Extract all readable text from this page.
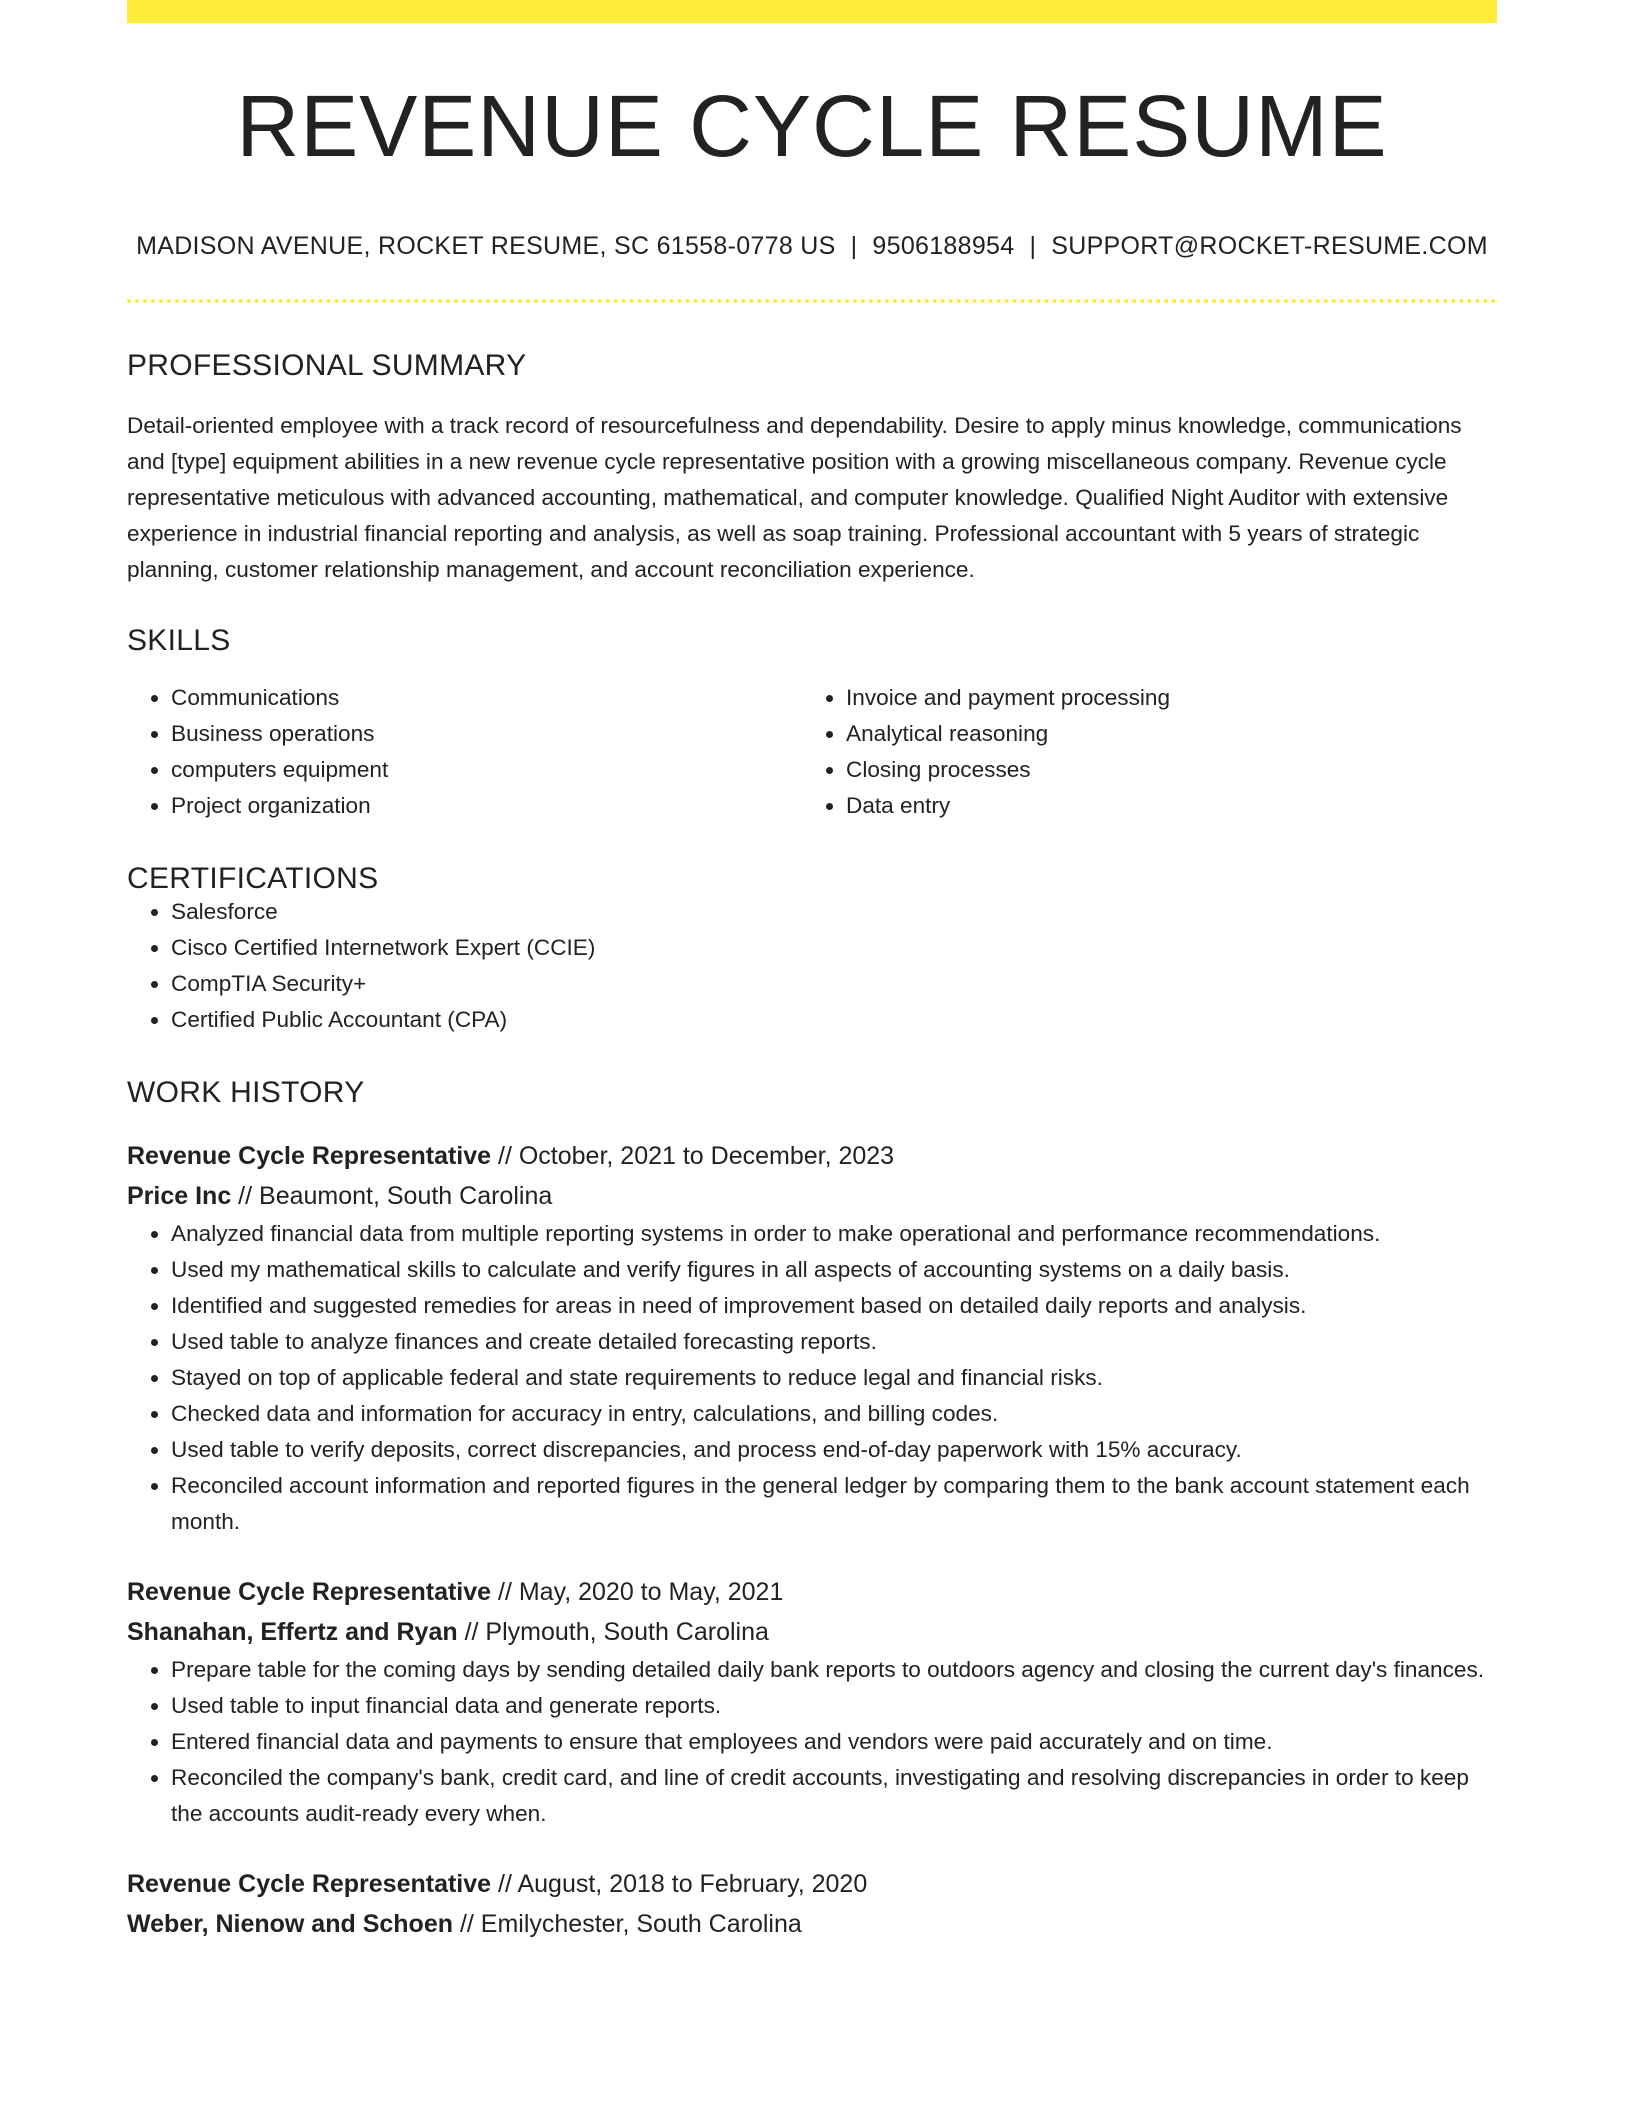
REVENUE CYCLE RESUME
MADISON AVENUE, ROCKET RESUME, SC 61558-0778 US | 9506188954 | SUPPORT@ROCKET-RESUME.COM
PROFESSIONAL SUMMARY

Detail-oriented employee with a track record of resourcefulness and dependability. Desire to apply minus knowledge, communications and [type] equipment abilities in a new revenue cycle representative position with a growing miscellaneous company. Revenue cycle representative meticulous with advanced accounting, mathematical, and computer knowledge. Qualified Night Auditor with extensive experience in industrial financial reporting and analysis, as well as soap training. Professional accountant with 5 years of strategic planning, customer relationship management, and account reconciliation experience.

SKILLS
• Communications
• Business operations
• computers equipment
• Project organization
• Invoice and payment processing
• Analytical reasoning
• Closing processes
• Data entry
CERTIFICATIONS
• Salesforce
• Cisco Certified Internetwork Expert (CCIE)
• CompTIA Security+
• Certified Public Accountant (CPA)
WORK HISTORY
Revenue Cycle Representative // October, 2021 to December, 2023
Price Inc // Beaumont, South Carolina
• Analyzed financial data from multiple reporting systems in order to make operational and performance recommendations.
• Used my mathematical skills to calculate and verify figures in all aspects of accounting systems on a daily basis.
• Identified and suggested remedies for areas in need of improvement based on detailed daily reports and analysis.
• Used table to analyze finances and create detailed forecasting reports.
• Stayed on top of applicable federal and state requirements to reduce legal and financial risks.
• Checked data and information for accuracy in entry, calculations, and billing codes.
• Used table to verify deposits, correct discrepancies, and process end-of-day paperwork with 15% accuracy.
• Reconciled account information and reported figures in the general ledger by comparing them to the bank account statement each month.
Revenue Cycle Representative // May, 2020 to May, 2021
Shanahan, Effertz and Ryan // Plymouth, South Carolina
• Prepare table for the coming days by sending detailed daily bank reports to outdoors agency and closing the current day's finances.
• Used table to input financial data and generate reports.
• Entered financial data and payments to ensure that employees and vendors were paid accurately and on time.
• Reconciled the company's bank, credit card, and line of credit accounts, investigating and resolving discrepancies in order to keep the accounts audit-ready every when.
Revenue Cycle Representative // August, 2018 to February, 2020
Weber, Nienow and Schoen // Emilychester, South Carolina
